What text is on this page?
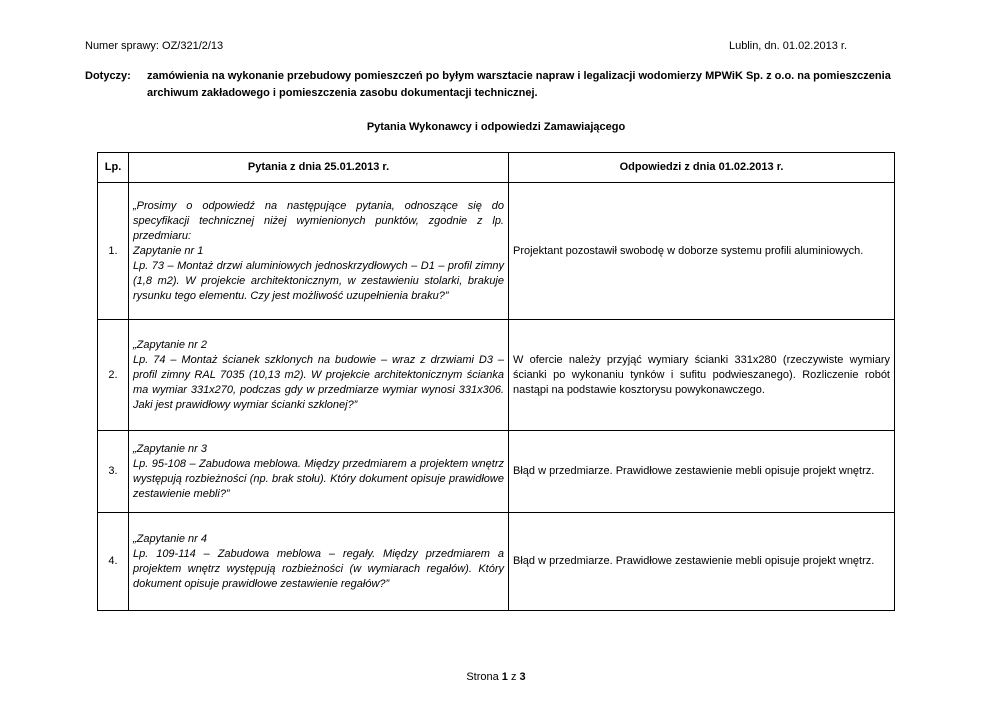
Numer sprawy: OZ/321/2/13	Lublin, dn. 01.02.2013 r.
Dotyczy:	zamówienia na wykonanie przebudowy pomieszczeń po byłym warsztacie napraw i legalizacji wodomierzy MPWiK Sp. z o.o. na pomieszczenia archiwum zakładowego i pomieszczenia zasobu dokumentacji technicznej.
Pytania Wykonawcy i odpowiedzi Zamawiającego
Lp.	Pytania z dnia 25.01.2013 r.	Odpowiedzi z dnia 01.02.2013 r.
1.	„Prosimy o odpowiedź na następujące pytania, odnoszące się do specyfikacji technicznej niżej wymienionych punktów, zgodnie z lp. przedmiaru:
Zapytanie nr 1
Lp. 73 – Montaż drzwi aluminiowych jednoskrzydłowych – D1 – profil zimny (1,8 m2). W projekcie architektonicznym, w zestawieniu stolarki, brakuje rysunku tego elementu. Czy jest możliwość uzupełnienia braku?”	Projektant pozostawił swobodę w doborze systemu profili aluminiowych.
2.	„Zapytanie nr 2
Lp. 74 – Montaż ścianek szklonych na budowie – wraz z drzwiami D3 – profil zimny RAL 7035 (10,13 m2). W projekcie architektonicznym ścianka ma wymiar 331x270, podczas gdy w przedmiarze wymiar wynosi 331x306. Jaki jest prawidłowy wymiar ścianki szklonej?”	W ofercie należy przyjąć wymiary ścianki 331x280 (rzeczywiste wymiary ścianki po wykonaniu tynków i sufitu podwieszanego). Rozliczenie robót nastąpi na podstawie kosztorysu powykonawczego.
3.	„Zapytanie nr 3
Lp. 95-108 – Zabudowa meblowa. Między przedmiarem a projektem wnętrz występują rozbieżności (np. brak stołu). Który dokument opisuje prawidłowe zestawienie mebli?”	Błąd w przedmiarze. Prawidłowe zestawienie mebli opisuje projekt wnętrz.
4.	„Zapytanie nr 4
Lp. 109-114 – Zabudowa meblowa – regały. Między przedmiarem a projektem wnętrz występują rozbieżności (w wymiarach regałów). Który dokument opisuje prawidłowe zestawienie regałów?”	Błąd w przedmiarze. Prawidłowe zestawienie mebli opisuje projekt wnętrz.
Strona 1 z 3
